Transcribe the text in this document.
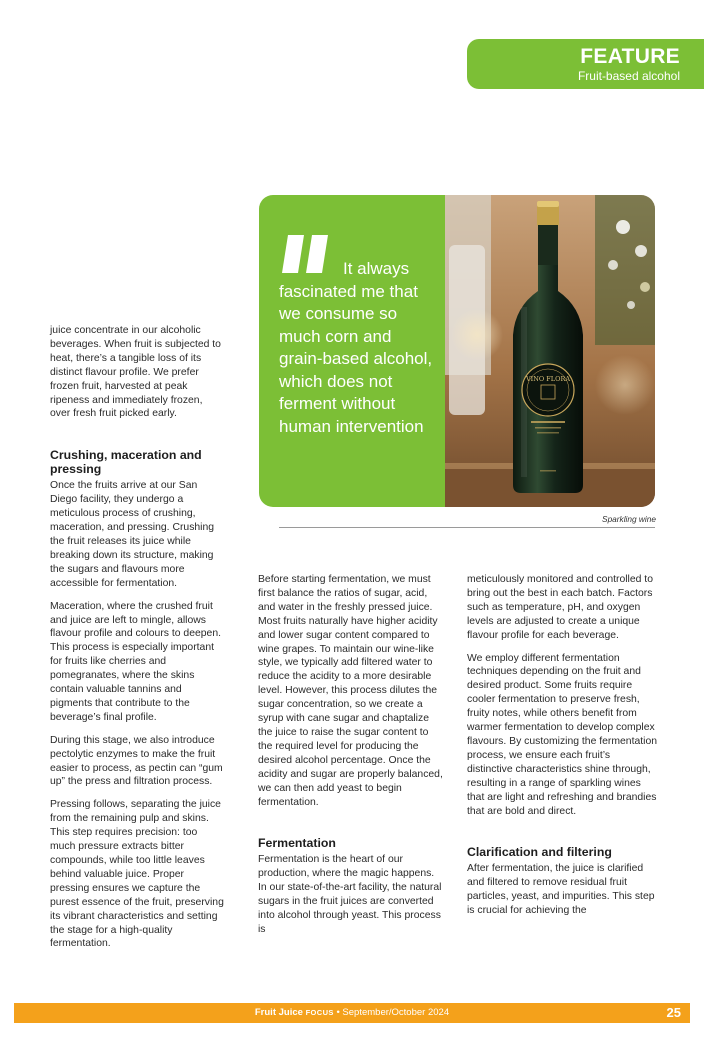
FEATURE
Fruit-based alcohol

juice concentrate in our alcoholic beverages. When fruit is subjected to heat, there’s a tangible loss of its distinct flavour profile. We prefer frozen fruit, harvested at peak ripeness and immediately frozen, over fresh fruit picked early.

Crushing, maceration and pressing

Once the fruits arrive at our San Diego facility, they undergo a meticulous process of crushing, maceration, and pressing. Crushing the fruit releases its juice while breaking down its structure, making the sugars and flavours more accessible for fermentation.

Maceration, where the crushed fruit and juice are left to mingle, allows flavour profile and colours to deepen. This process is especially important for fruits like cherries and pomegranates, where the skins contain valuable tannins and pigments that contribute to the beverage’s final profile.

During this stage, we also introduce pectolytic enzymes to make the fruit easier to process, as pectin can “gum up” the press and filtration process.

Pressing follows, separating the juice from the remaining pulp and skins. This step requires precision: too much pressure extracts bitter compounds, while too little leaves behind valuable juice. Proper pressing ensures we capture the purest essence of the fruit, preserving its vibrant characteristics and setting the stage for a high-quality fermentation.

It always fascinated me that we consume so much corn and grain-based alcohol, which does not ferment without human intervention
VINO FLORA
Sparkling wine

Before starting fermentation, we must first balance the ratios of sugar, acid, and water in the freshly pressed juice. Most fruits naturally have higher acidity and lower sugar content compared to wine grapes. To maintain our wine-like style, we typically add filtered water to reduce the acidity to a more desirable level. However, this process dilutes the sugar concentration, so we create a syrup with cane sugar and chaptalize the juice to raise the sugar content to the required level for producing the desired alcohol percentage. Once the acidity and sugar are properly balanced, we can then add yeast to begin fermentation.

Fermentation

Fermentation is the heart of our production, where the magic happens. In our state-of-the-art facility, the natural sugars in the fruit juices are converted into alcohol through yeast. This process is

meticulously monitored and controlled to bring out the best in each batch. Factors such as temperature, pH, and oxygen levels are adjusted to create a unique flavour profile for each beverage.

We employ different fermentation techniques depending on the fruit and desired product. Some fruits require cooler fermentation to preserve fresh, fruity notes, while others benefit from warmer fermentation to develop complex flavours. By customizing the fermentation process, we ensure each fruit’s distinctive characteristics shine through, resulting in a range of sparkling wines that are light and refreshing and brandies that are bold and direct.

Clarification and filtering

After fermentation, the juice is clarified and filtered to remove residual fruit particles, yeast, and impurities. This step is crucial for achieving the

Fruit Juice FOCUS • September/October 2024	25
